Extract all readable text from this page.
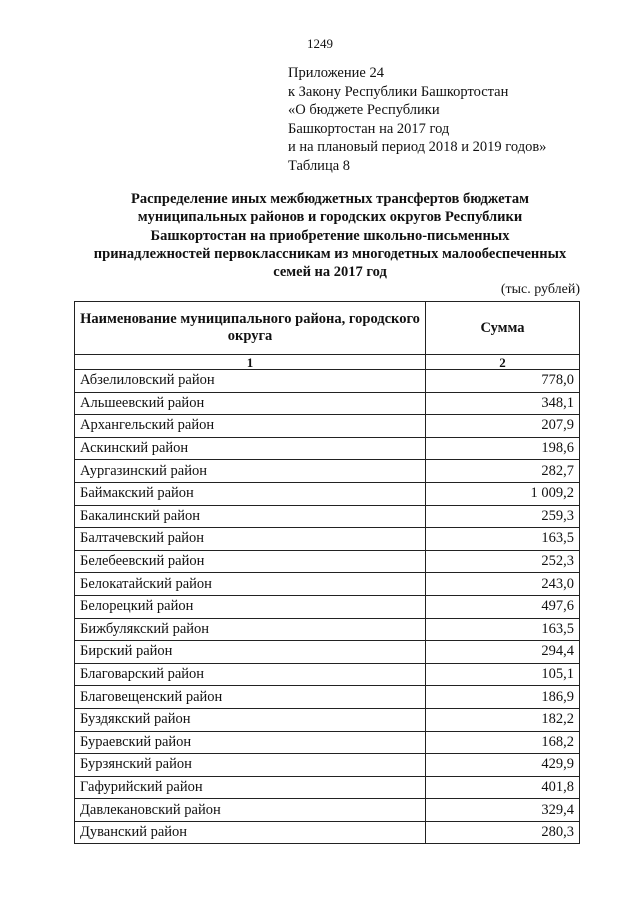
1249
Приложение 24
к Закону Республики Башкортостан
«О бюджете Республики
Башкортостан на 2017 год
и на плановый период 2018 и 2019 годов»
Таблица 8
Распределение иных межбюджетных трансфертов бюджетам
муниципальных районов и городских округов Республики
Башкортостан на приобретение школьно-письменных
принадлежностей первоклассникам из многодетных малообеспеченных
семей на 2017 год
(тыс. рублей)
Наименование муниципального района, городского округа	Сумма
1	2
Абзелиловский район	778,0
Альшеевский район	348,1
Архангельский район	207,9
Аскинский район	198,6
Аургазинский район	282,7
Баймакский район	1 009,2
Бакалинский район	259,3
Балтачевский район	163,5
Белебеевский район	252,3
Белокатайский район	243,0
Белорецкий район	497,6
Бижбулякский район	163,5
Бирский район	294,4
Благоварский район	105,1
Благовещенский район	186,9
Буздякский район	182,2
Бураевский район	168,2
Бурзянский район	429,9
Гафурийский район	401,8
Давлекановский район	329,4
Дуванский район	280,3
